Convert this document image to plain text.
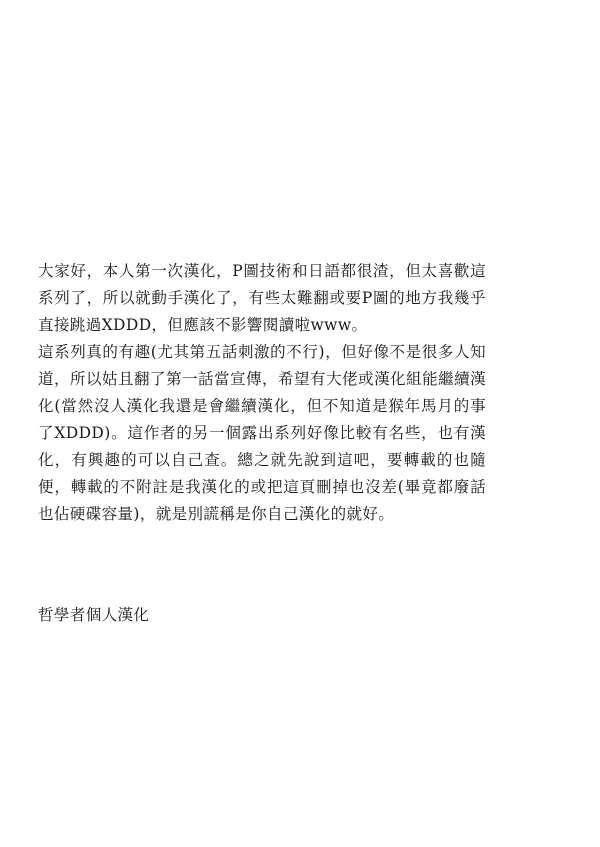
大家好，本人第一次漢化，P圖技術和日語都很渣，但太喜歡這系列了，所以就動手漢化了，有些太難翻或要P圖的地方我幾乎直接跳過XDDD，但應該不影響閱讀啦www。

這系列真的有趣(尤其第五話刺激的不行)，但好像不是很多人知道，所以姑且翻了第一話當宣傳，希望有大佬或漢化組能繼續漢化(當然沒人漢化我還是會繼續漢化，但不知道是猴年馬月的事了XDDD)。這作者的另一個露出系列好像比較有名些，也有漢化，有興趣的可以自己查。總之就先說到這吧，要轉載的也隨便，轉載的不附註是我漢化的或把這頁刪掉也沒差(畢竟都廢話也佔硬碟容量)，就是別謊稱是你自己漢化的就好。

哲學者個人漢化
